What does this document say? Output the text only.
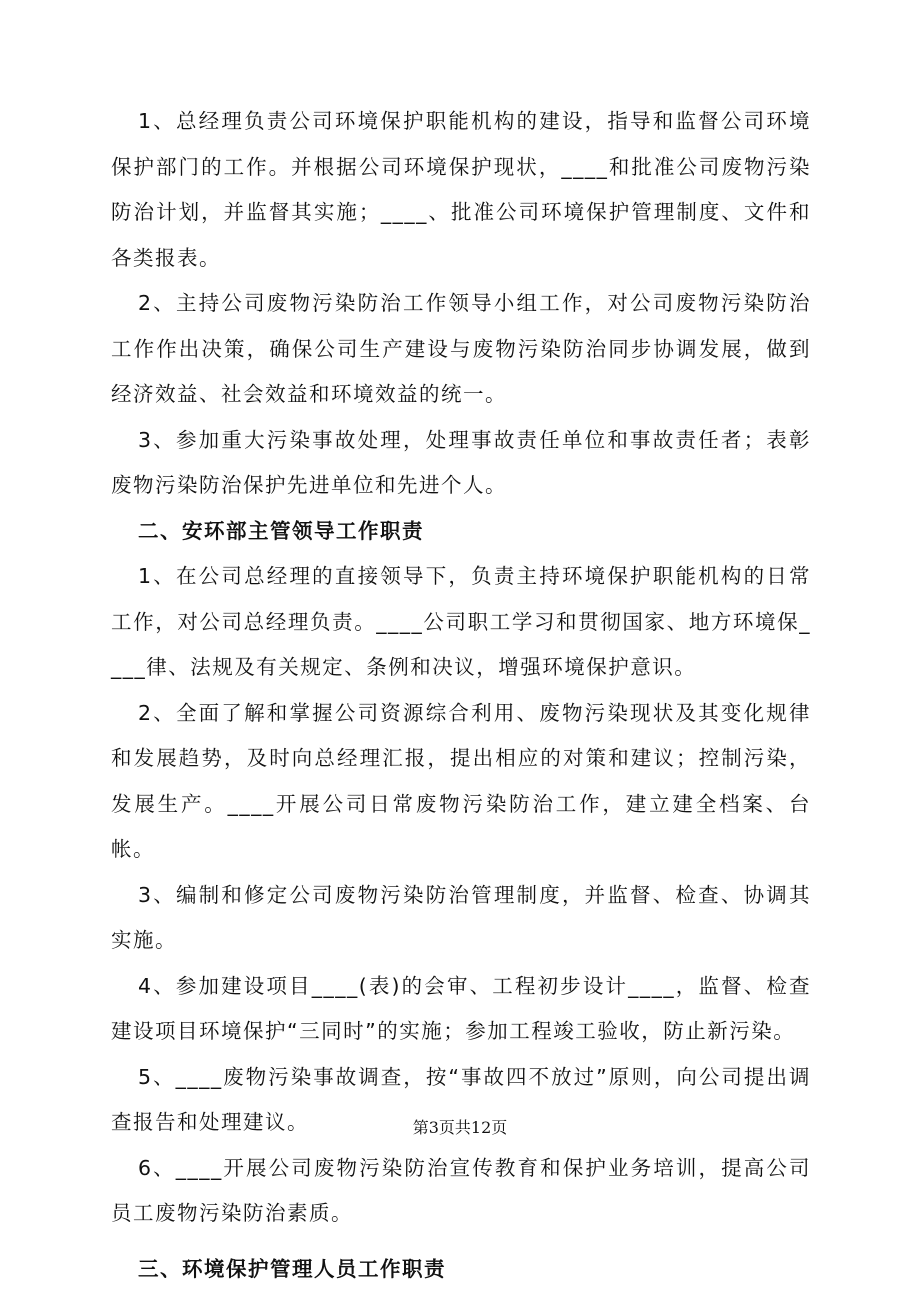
1、总经理负责公司环境保护职能机构的建设，指导和监督公司环境保护部门的工作。并根据公司环境保护现状，____和批准公司废物污染防治计划，并监督其实施；____、批准公司环境保护管理制度、文件和各类报表。

2、主持公司废物污染防治工作领导小组工作，对公司废物污染防治工作作出决策，确保公司生产建设与废物污染防治同步协调发展，做到经济效益、社会效益和环境效益的统一。

3、参加重大污染事故处理，处理事故责任单位和事故责任者；表彰废物污染防治保护先进单位和先进个人。

二、安环部主管领导工作职责

1、在公司总经理的直接领导下，负责主持环境保护职能机构的日常工作，对公司总经理负责。____公司职工学习和贯彻国家、地方环境保____律、法规及有关规定、条例和决议，增强环境保护意识。

2、全面了解和掌握公司资源综合利用、废物污染现状及其变化规律和发展趋势，及时向总经理汇报，提出相应的对策和建议；控制污染，发展生产。____开展公司日常废物污染防治工作，建立建全档案、台帐。

3、编制和修定公司废物污染防治管理制度，并监督、检查、协调其实施。

4、参加建设项目____(表)的会审、工程初步设计____，监督、检查建设项目环境保护“三同时”的实施；参加工程竣工验收，防止新污染。

5、____废物污染事故调查，按“事故四不放过”原则，向公司提出调查报告和处理建议。

6、____开展公司废物污染防治宣传教育和保护业务培训，提高公司员工废物污染防治素质。

三、环境保护管理人员工作职责

第3页共12页
